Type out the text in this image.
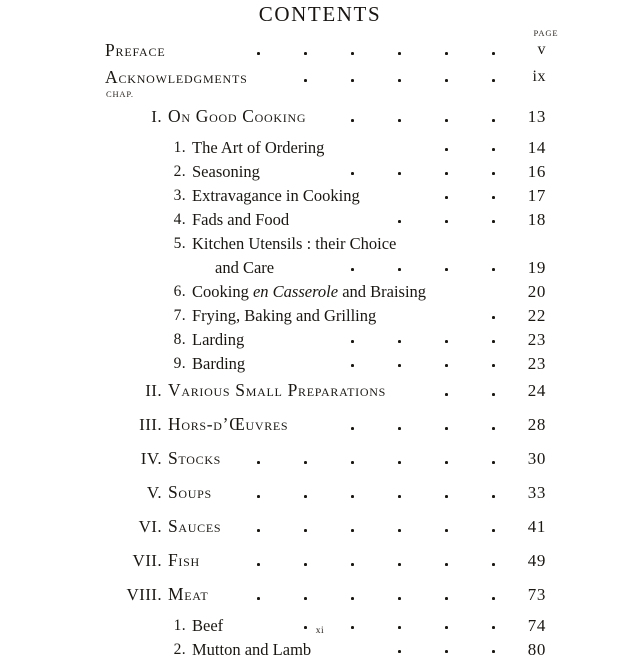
CONTENTS
PAGE
CHAP.
Preface	v
Acknowledgments	ix
I. On Good Cooking	13
1. The Art of Ordering	14
2. Seasoning	16
3. Extravagance in Cooking	17
4. Fads and Food	18
5. Kitchen Utensils : their Choice
and Care	19
6. Cooking en Casserole and Braising	20
7. Frying, Baking and Grilling	22
8. Larding	23
9. Barding	23
II. Various Small Preparations	24
III. Hors-d’Œuvres	28
IV. Stocks	30
V. Soups	33
VI. Sauces	41
VII. Fish	49
VIII. Meat	73
1. Beef	74
2. Mutton and Lamb	80
xi
